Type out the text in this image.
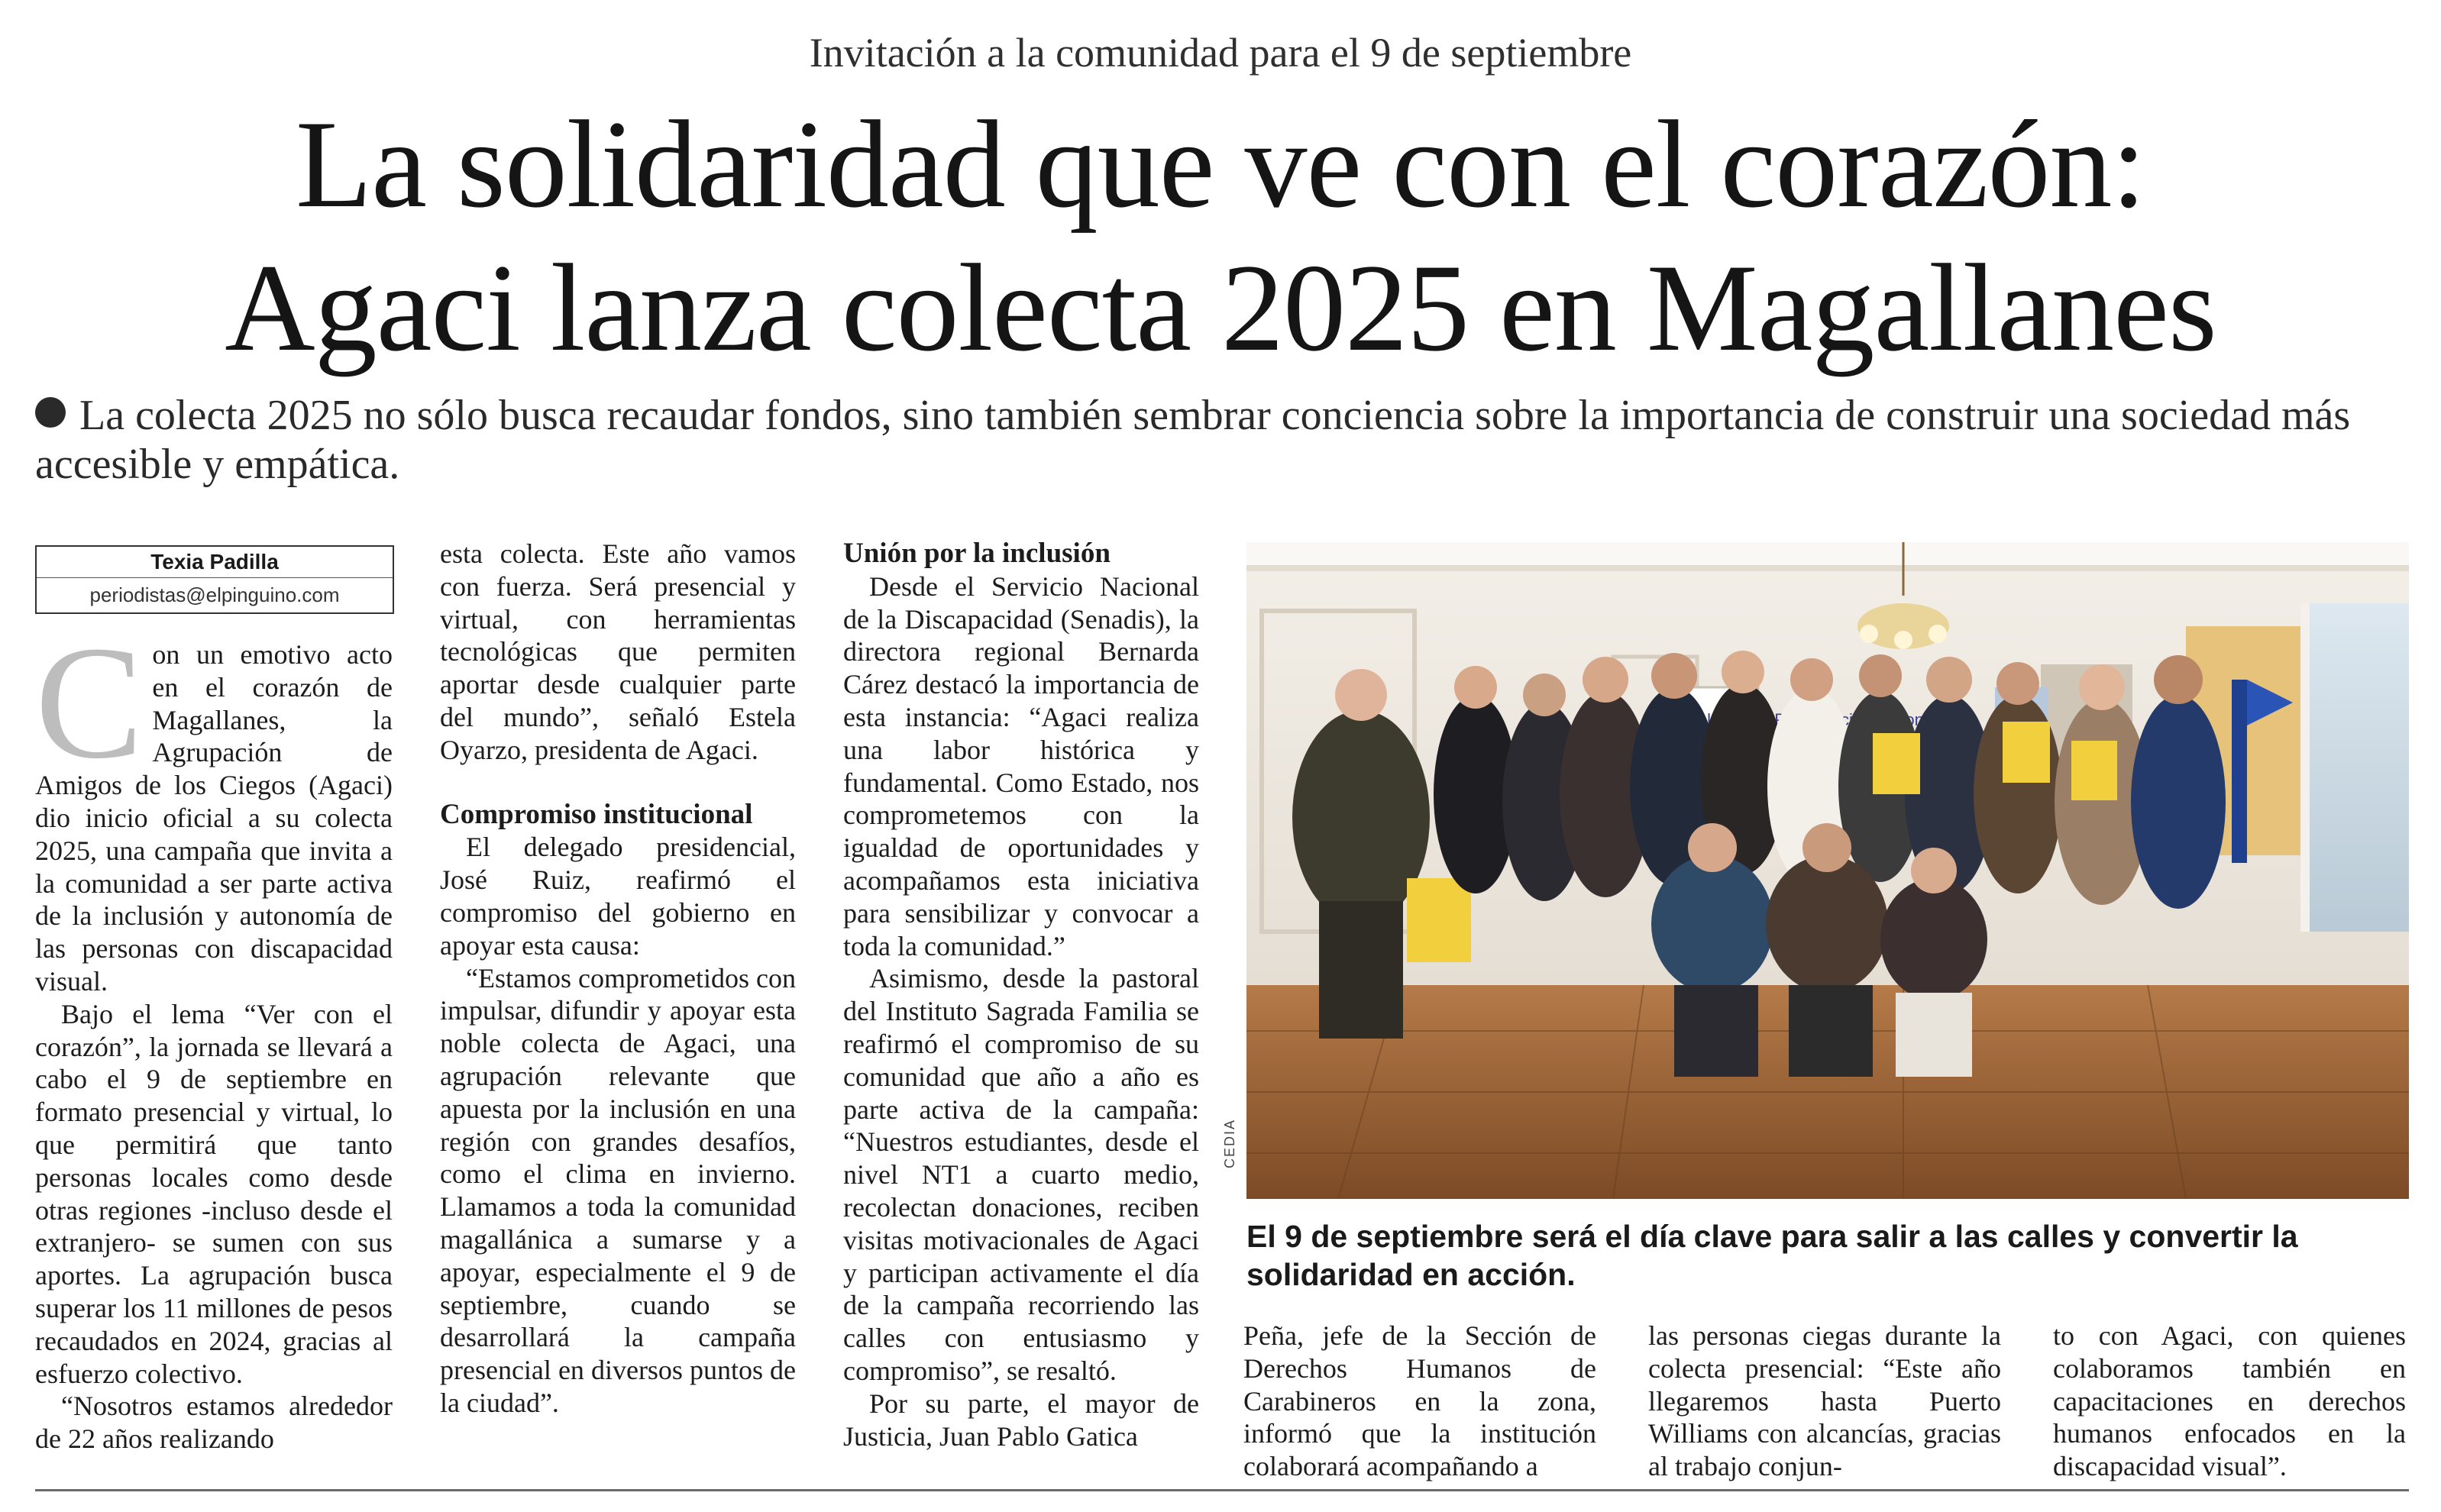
Invitación a la comunidad para el 9 de septiembre
La solidaridad que ve con el corazón:
Agaci lanza colecta 2025 en Magallanes
La colecta 2025 no sólo busca recaudar fondos, sino también sembrar conciencia sobre la importancia de construir una sociedad más accesible y empática.
Texia Padilla
periodistas@elpinguino.com

Con un emotivo acto en el corazón de Magallanes, la Agrupación de Amigos de los Ciegos (Agaci) dio inicio oficial a su colecta 2025, una campaña que invita a la comunidad a ser parte activa de la inclusión y autonomía de las personas con discapacidad visual.

Bajo el lema “Ver con el corazón”, la jornada se llevará a cabo el 9 de septiembre en formato presencial y virtual, lo que permitirá que tanto personas locales como desde otras regiones -incluso desde el extranjero- se sumen con sus aportes. La agrupación busca superar los 11 millones de pesos recaudados en 2024, gracias al esfuerzo colectivo.

“Nosotros estamos alrededor de 22 años realizando

esta colecta. Este año vamos con fuerza. Será presencial y virtual, con herramientas tecnológicas que permiten aportar desde cualquier parte del mundo”, señaló Estela Oyarzo, presidenta de Agaci.

Compromiso institucional

El delegado presidencial, José Ruiz, reafirmó el compromiso del gobierno en apoyar esta causa:

“Estamos comprometidos con impulsar, difundir y apoyar esta noble colecta de Agaci, una agrupación relevante que apuesta por la inclusión en una región con grandes desafíos, como el clima en invierno. Llamamos a toda la comunidad magallánica a sumarse y a apoyar, especialmente el 9 de septiembre, cuando se desarrollará la campaña presencial en diversos puntos de la ciudad”.

Unión por la inclusión

Desde el Servicio Nacional de la Discapacidad (Senadis), la directora regional Bernarda Cárez destacó la importancia de esta instancia: “Agaci realiza una labor histórica y fundamental. Como Estado, nos comprometemos con la igualdad de oportunidades y acompañamos esta iniciativa para sensibilizar y convocar a toda la comunidad.”

Asimismo, desde la pastoral del Instituto Sagrada Familia se reafirmó el compromiso de su comunidad que año a año es parte activa de la campaña: “Nuestros estudiantes, desde el nivel NT1 a cuarto medio, recolectan donaciones, reciben visitas motivacionales de Agaci y participan activamente el día de la campaña recorriendo las calles con entusiasmo y compromiso”, se resaltó.

Por su parte, el mayor de Justicia, Juan Pablo Gatica

CEDIA
El 9 de septiembre será el día clave para salir a las calles y convertir la solidaridad en acción.

Peña, jefe de la Sección de Derechos Humanos de Carabineros en la zona, informó que la institución colaborará acompañando a

las personas ciegas durante la colecta presencial: “Este año llegaremos hasta Puerto Williams con alcancías, gracias al trabajo conjun-

to con Agaci, con quienes colaboramos también en capacitaciones en derechos humanos enfocados en la discapacidad visual”.
